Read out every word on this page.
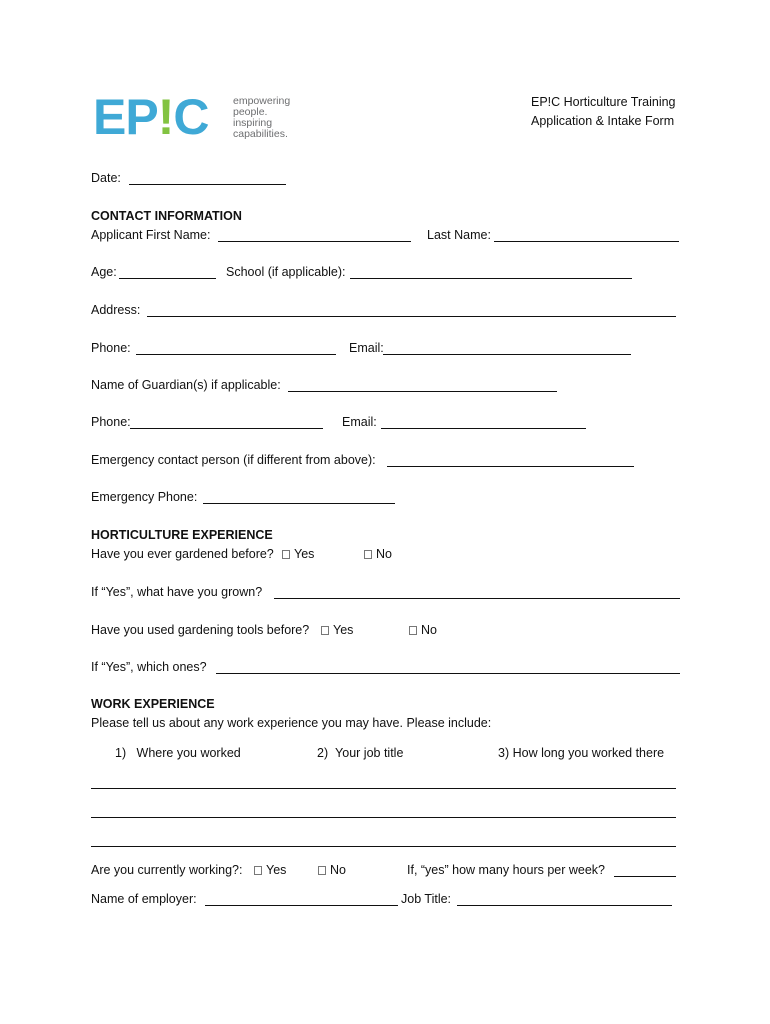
EP!C empowering
people.
inspiring
capabilities.
EP!C Horticulture Training
Application & Intake Form
Date:
CONTACT INFORMATION
Applicant First Name:	Last Name:
Age:	School (if applicable):
Address:
Phone:	Email:
Name of Guardian(s) if applicable:
Phone:	Email:
Emergency contact person (if different from above):
Emergency Phone:
HORTICULTURE EXPERIENCE
Have you ever gardened before?	Yes	No
If “Yes”, what have you grown?
Have you used gardening tools before?	Yes	No
If “Yes”, which ones?
WORK EXPERIENCE
Please tell us about any work experience you may have. Please include:
1)   Where you worked	2)  Your job title	3) How long you worked there
Are you currently working?:	Yes	No	If, “yes” how many hours per week?
Name of employer:	Job Title:
